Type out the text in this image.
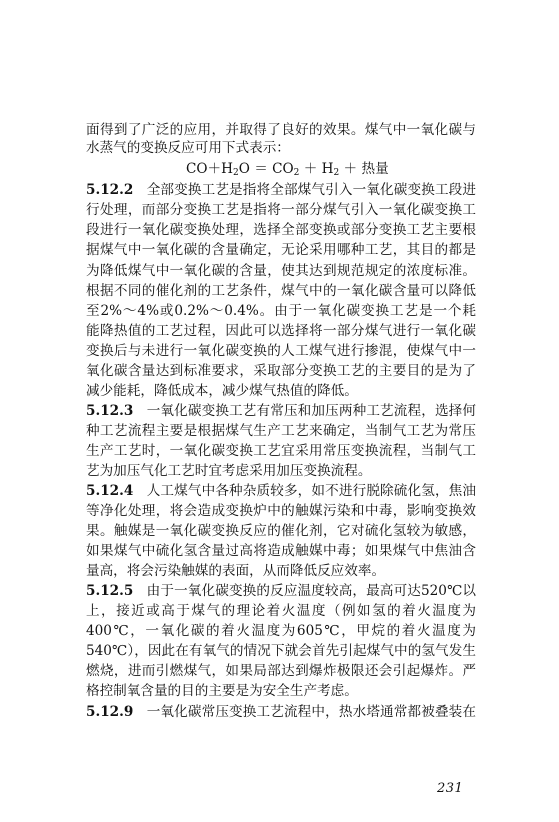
面得到了广泛的应用，并取得了良好的效果。煤气中一氧化碳与
水蒸气的变换反应可用下式表示：
$CO+H_2O = CO_2 + H_2$ ＋ 热量
5.12.2 全部变换工艺是指将全部煤气引入一氧化碳变换工段进
行处理，而部分变换工艺是指将一部分煤气引入一氧化碳变换工
段进行一氧化碳变换处理，选择全部变换或部分变换工艺主要根
据煤气中一氧化碳的含量确定，无论采用哪种工艺，其目的都是
为降低煤气中一氧化碳的含量，使其达到规范规定的浓度标准。
根据不同的催化剂的工艺条件，煤气中的一氧化碳含量可以降低
至2%～4%或0.2%～0.4%。由于一氧化碳变换工艺是一个耗
能降热值的工艺过程，因此可以选择将一部分煤气进行一氧化碳
变换后与未进行一氧化碳变换的人工煤气进行掺混，使煤气中一
氧化碳含量达到标准要求，采取部分变换工艺的主要目的是为了
减少能耗，降低成本，减少煤气热值的降低。
5.12.3 一氧化碳变换工艺有常压和加压两种工艺流程，选择何
种工艺流程主要是根据煤气生产工艺来确定，当制气工艺为常压
生产工艺时，一氧化碳变换工艺宜采用常压变换流程，当制气工
艺为加压气化工艺时宜考虑采用加压变换流程。
5.12.4 人工煤气中各种杂质较多，如不进行脱除硫化氢，焦油
等净化处理，将会造成变换炉中的触媒污染和中毒，影响变换效
果。触媒是一氧化碳变换反应的催化剂，它对硫化氢较为敏感，
如果煤气中硫化氢含量过高将造成触媒中毒；如果煤气中焦油含
量高，将会污染触媒的表面，从而降低反应效率。
5.12.5 由于一氧化碳变换的反应温度较高，最高可达520℃以
上，接近或高于煤气的理论着火温度（例如氢的着火温度为
400℃，一氧化碳的着火温度为605℃，甲烷的着火温度为
540℃），因此在有氧气的情况下就会首先引起煤气中的氢气发生
燃烧，进而引燃煤气，如果局部达到爆炸极限还会引起爆炸。严
格控制氧含量的目的主要是为安全生产考虑。
5.12.9 一氧化碳常压变换工艺流程中，热水塔通常都被叠装在
231
